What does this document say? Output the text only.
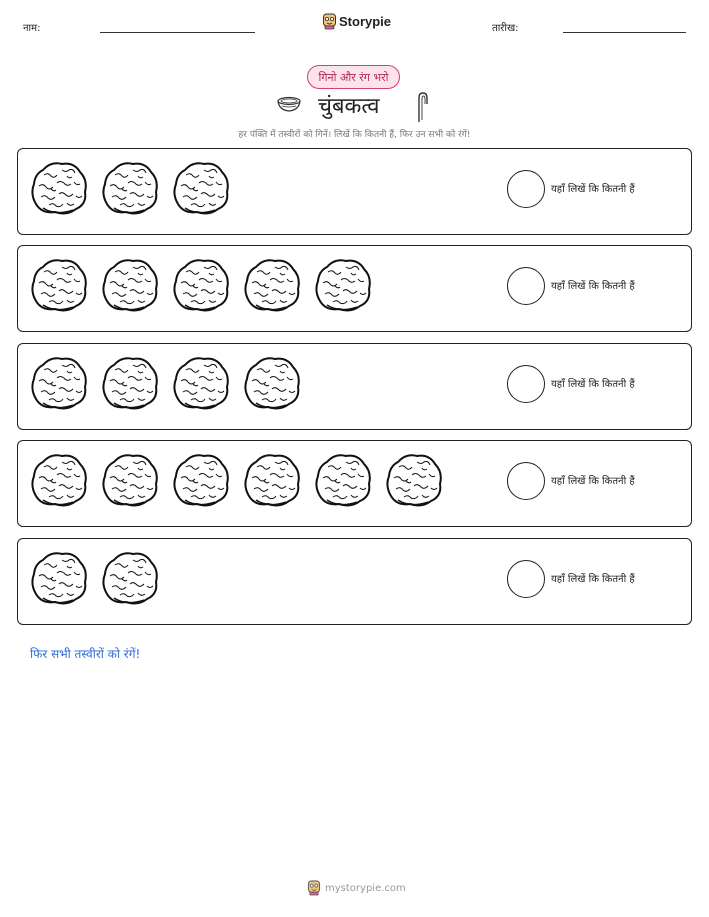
नाम:	Storypie	तारीख:
गिनो और रंग भरो
चुंबकत्व
हर पंक्ति में तस्वीरों को गिनें। लिखें कि कितनी हैं, फिर उन सभी को रंगें!
यहाँ लिखें कि कितनी हैं
यहाँ लिखें कि कितनी हैं
यहाँ लिखें कि कितनी हैं
यहाँ लिखें कि कितनी हैं
यहाँ लिखें कि कितनी हैं
फिर सभी तस्वीरों को रंगें!
mystorypie.com
